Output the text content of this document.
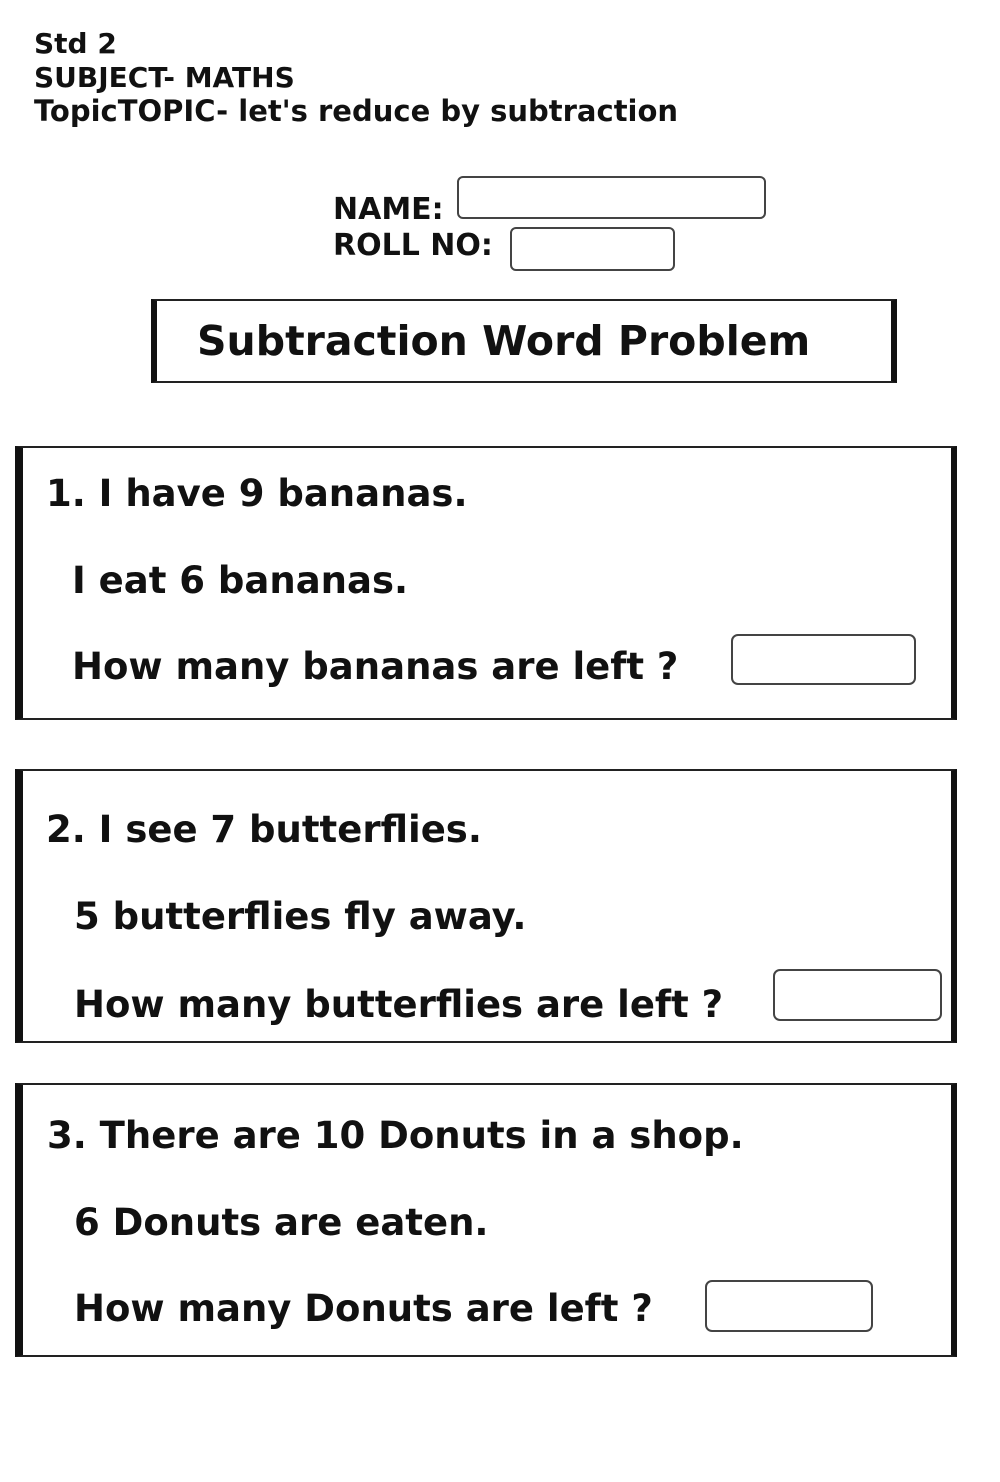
Std 2
SUBJECT- MATHS
TopicTOPIC- let's reduce by subtraction
NAME:
ROLL NO:
Subtraction Word Problem
1. I have 9 bananas.
I eat 6 bananas.
How many bananas are left ?
2. I see 7 butterflies.
5 butterflies fly away.
How many butterflies are left ?
3. There are 10 Donuts in a shop.
6 Donuts are eaten.
How many Donuts are left ?
